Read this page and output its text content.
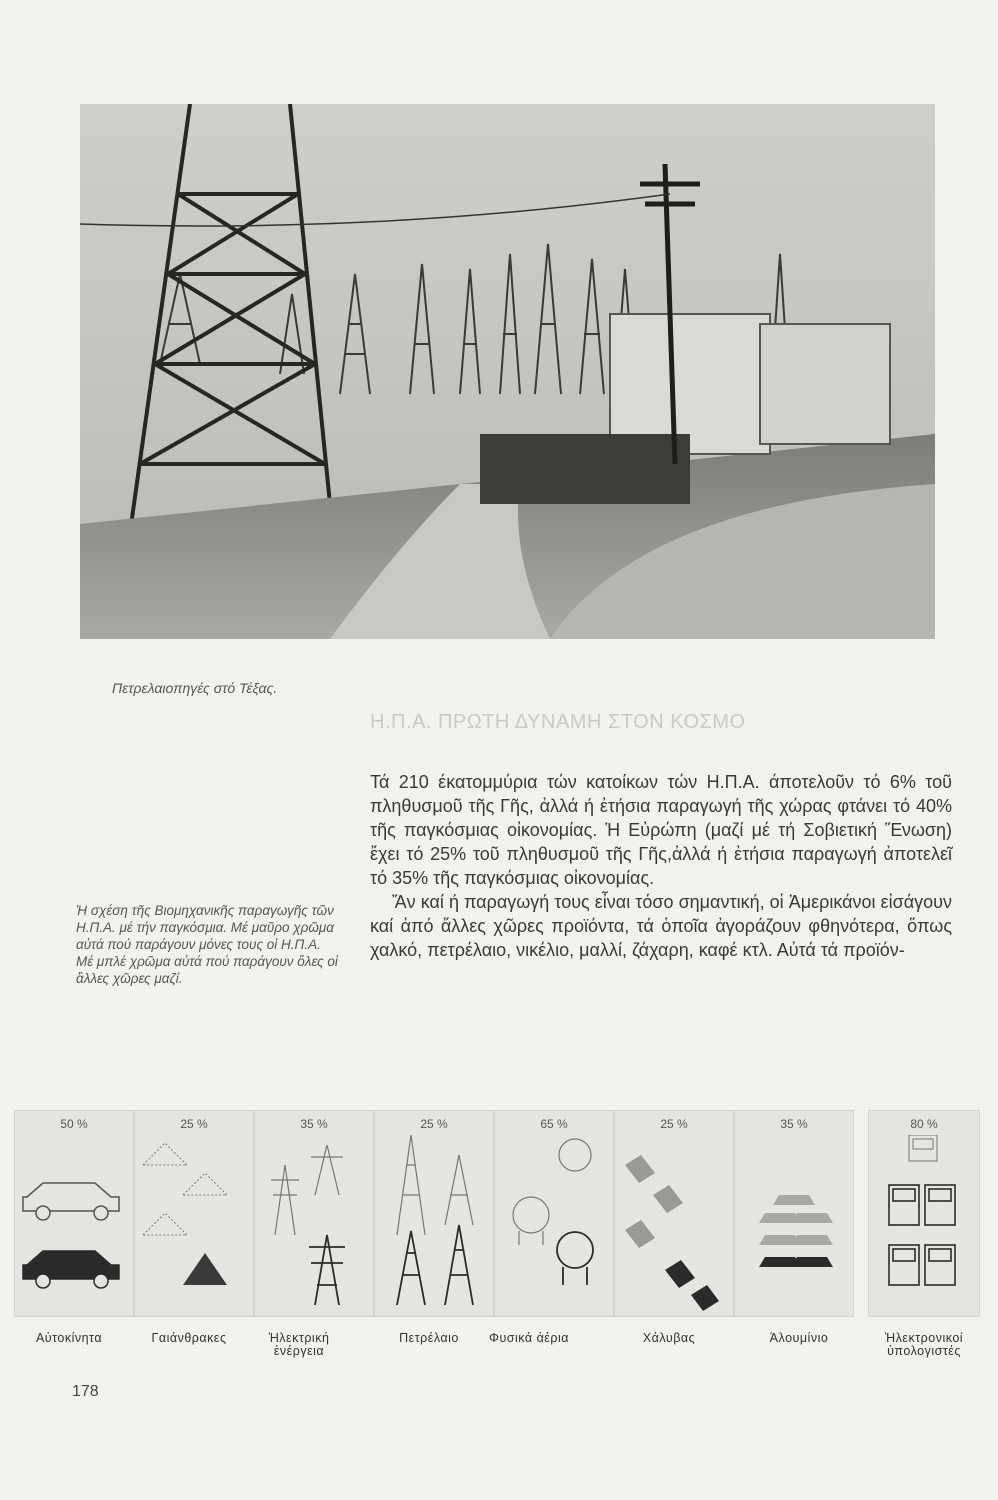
Πετρελαιοπηγές στό Τέξας.
Η.Π.Α. ΠΡΩΤΗ ΔΥΝΑΜΗ ΣΤΟΝ ΚΟΣΜΟ

Τά 210 έκατομμύρια τών κατοίκων τών Η.Π.Α. άποτελοῦν τό 6% τοῦ πληθυσμοῦ τῆς Γῆς, ἀλλά ή ἐτήσια παραγωγή τῆς χώρας φτάνει τό 40% τῆς παγκόσμιας οἰκονομίας. Ἡ Εὐρώπη (μαζί μέ τή Σοβιετική Ἕνωση) ἔχει τό 25% τοῦ πληθυσμοῦ τῆς Γῆς,ἀλλά ή ἐτήσια παραγωγή ἀποτελεῖ τό 35% τῆς παγκόσμιας οἰκονομίας.

Ἄν καί ή παραγωγή τους εἶναι τόσο σημαντική, οἱ Ἀμερικάνοι εἰσάγουν καί ἀπό ἄλλες χῶρες προϊόντα, τά ὁποῖα ἀγοράζουν φθηνότερα, ὅπως χαλκό, πετρέλαιο, νικέλιο, μαλλί, ζάχαρη, καφέ κτλ. Αὐτά τά προϊόν-

Ἡ σχέση τῆς Βιομηχανικῆς παραγωγῆς τῶν Η.Π.Α. μέ τήν παγκόσμια. Μέ μαῦρο χρῶμα αὐτά πού παράγουν μόνες τους οἱ Η.Π.Α. Μέ μπλέ χρῶμα αὐτά πού παράγουν ὅλες οἱ ἄλλες χῶρες μαζί.
50 %	25 %	35 %	25 %	65 %	25 %	35 %	80 %
Αὐτοκίνητα	Γαιάνθρακες	Ἠλεκτρική ἐνέργεια
Πετρέλαιο	Φυσικά ἀέρια	Χάλυβας	Ἀλουμίνιο	Ἠλεκτρονικοί ὑπολογιστές
178
